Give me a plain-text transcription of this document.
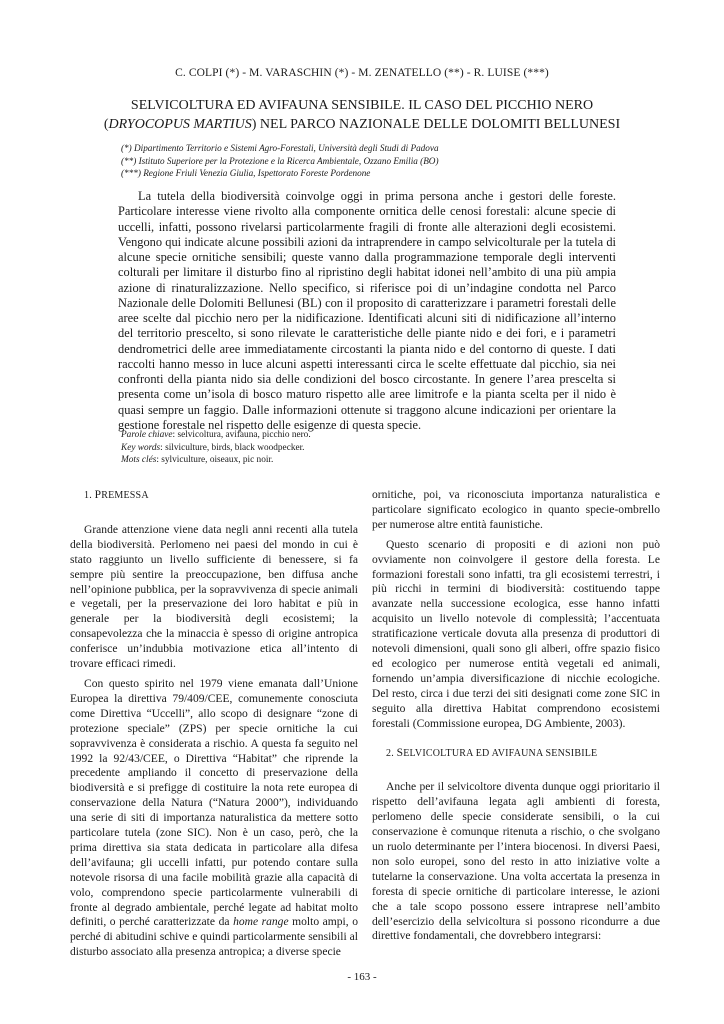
C. COLPI (*) - M. VARASCHIN (*) - M. ZENATELLO (**) - R. LUISE (***)
SELVICOLTURA ED AVIFAUNA SENSIBILE. IL CASO DEL PICCHIO NERO
(DRYOCOPUS MARTIUS) NEL PARCO NAZIONALE DELLE DOLOMITI BELLUNESI
(*) Dipartimento Territorio e Sistemi Agro-Forestali, Università degli Studi di Padova
(**) Istituto Superiore per la Protezione e la Ricerca Ambientale, Ozzano Emilia (BO)
(***) Regione Friuli Venezia Giulia, Ispettorato Foreste Pordenone

La tutela della biodiversità coinvolge oggi in prima persona anche i gestori delle foreste. Particolare interesse viene rivolto alla componente ornitica delle cenosi forestali: alcune specie di uccelli, infatti, possono rivelarsi particolarmente fragili di fronte alle alterazioni degli ecosistemi. Vengono qui indicate alcune possibili azioni da intraprendere in campo selvicolturale per la tutela di alcune specie ornitiche sensibili; queste vanno dalla programmazione temporale degli interventi colturali per limitare il disturbo fino al ripristino degli habitat idonei nell’ambito di una più ampia azione di rinaturalizzazione. Nello specifico, si riferisce poi di un’indagine condotta nel Parco Nazionale delle Dolomiti Bellunesi (BL) con il proposito di caratterizzare i parametri forestali delle aree scelte dal picchio nero per la nidificazione. Identificati alcuni siti di nidificazione all’interno del territorio prescelto, si sono rilevate le caratteristiche delle piante nido e dei fori, e i parametri dendrometrici delle aree immediatamente circostanti la pianta nido e del contorno di queste. I dati raccolti hanno messo in luce alcuni aspetti interessanti circa le scelte effettuate dal picchio, sia nei confronti della pianta nido sia delle condizioni del bosco circostante. In genere l’area prescelta si presenta come un’isola di bosco maturo rispetto alle aree limitrofe e la pianta scelta per il nido è quasi sempre un faggio. Dalle informazioni ottenute si traggono alcune indicazioni per orientare la gestione forestale nel rispetto delle esigenze di questa specie.

Parole chiave: selvicoltura, avifauna, picchio nero.
Key words: silviculture, birds, black woodpecker.
Mots clés: sylviculture, oiseaux, pic noir.

1. PREMESSA

Grande attenzione viene data negli anni recenti alla tutela della biodiversità. Perlomeno nei paesi del mondo in cui è stato raggiunto un livello sufficiente di benessere, si fa sempre più sentire la preoccupazione, ben diffusa anche nell’opinione pubblica, per la sopravvivenza di specie animali e vegetali, per la preservazione dei loro habitat e più in generale per la biodiversità degli ecosistemi; la consapevolezza che la minaccia è spesso di origine antropica conferisce un’indubbia motivazione etica all’intento di trovare efficaci rimedi.

Con questo spirito nel 1979 viene emanata dall’Unione Europea la direttiva 79/409/CEE, comunemente conosciuta come Direttiva “Uccelli”, allo scopo di designare “zone di protezione speciale” (ZPS) per specie ornitiche la cui sopravvivenza è considerata a rischio. A questa fa seguito nel 1992 la 92/43/CEE, o Direttiva “Habitat” che riprende la precedente ampliando il concetto di preservazione della biodiversità e si prefigge di costituire la nota rete europea di conservazione della Natura (“Natura 2000”), individuando una serie di siti di importanza naturalistica da mettere sotto particolare tutela (zone SIC). Non è un caso, però, che la prima direttiva sia stata dedicata in particolare alla difesa dell’avifauna; gli uccelli infatti, pur potendo contare sulla notevole risorsa di una facile mobilità grazie alla capacità di volo, comprendono specie particolarmente vulnerabili di fronte al degrado ambientale, perché legate ad habitat molto definiti, o perché caratterizzate da home range molto ampi, o perché di abitudini schive e quindi particolarmente sensibili al disturbo associato alla presenza antropica; a diverse specie

ornitiche, poi, va riconosciuta importanza naturalistica e particolare significato ecologico in quanto specie-ombrello per numerose altre entità faunistiche.

Questo scenario di propositi e di azioni non può ovviamente non coinvolgere il gestore della foresta. Le formazioni forestali sono infatti, tra gli ecosistemi terrestri, i più ricchi in termini di biodiversità: costituendo tappe avanzate nella successione ecologica, esse hanno infatti acquisito un livello notevole di complessità; l’accentuata stratificazione verticale dovuta alla presenza di produttori di notevoli dimensioni, quali sono gli alberi, offre spazio fisico ed ecologico per numerose entità vegetali ed animali, fornendo un’ampia diversificazione di nicchie ecologiche. Del resto, circa i due terzi dei siti designati come zone SIC in seguito alla direttiva Habitat comprendono ecosistemi forestali (Commissione europea, DG Ambiente, 2003).

2. SELVICOLTURA ED AVIFAUNA SENSIBILE

Anche per il selvicoltore diventa dunque oggi prioritario il rispetto dell’avifauna legata agli ambienti di foresta, perlomeno delle specie considerate sensibili, o la cui conservazione è comunque ritenuta a rischio, o che svolgano un ruolo determinante per l’intera biocenosi. In diversi Paesi, non solo europei, sono del resto in atto iniziative volte a tutelarne la conservazione. Una volta accertata la presenza in foresta di specie ornitiche di particolare interesse, le azioni che a tale scopo possono essere intraprese nell’ambito dell’esercizio della selvicoltura si possono ricondurre a due direttive fondamentali, che dovrebbero integrarsi:

- 163 -
